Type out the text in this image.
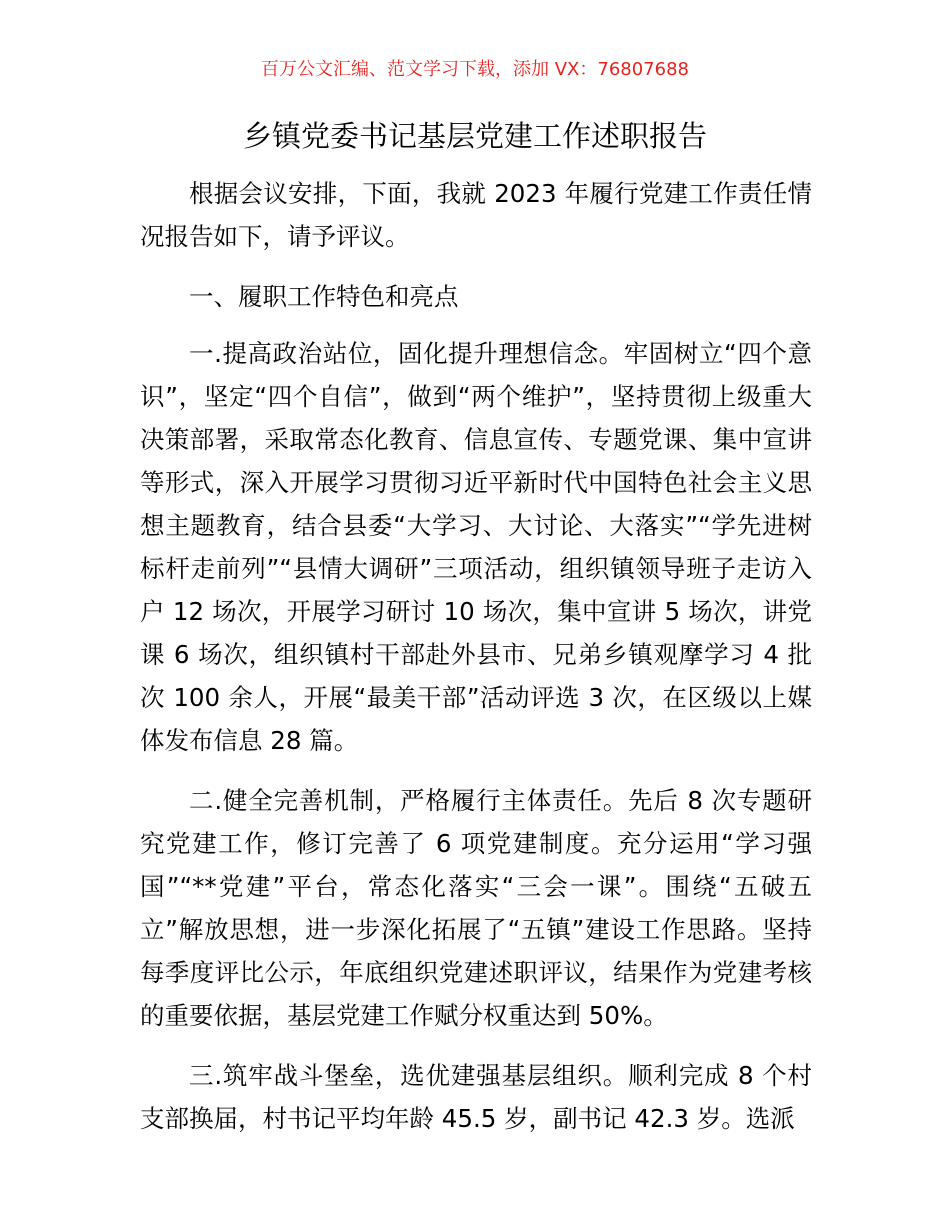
百万公文汇编、范文学习下载，添加 VX：76807688
乡镇党委书记基层党建工作述职报告

根据会议安排，下面，我就 2023 年履行党建工作责任情况报告如下，请予评议。

一、履职工作特色和亮点

一.提高政治站位，固化提升理想信念。牢固树立“四个意识”，坚定“四个自信”，做到“两个维护”，坚持贯彻上级重大决策部署，采取常态化教育、信息宣传、专题党课、集中宣讲等形式，深入开展学习贯彻习近平新时代中国特色社会主义思想主题教育，结合县委“大学习、大讨论、大落实”“学先进树标杆走前列”“县情大调研”三项活动，组织镇领导班子走访入户 12 场次，开展学习研讨 10 场次，集中宣讲 5 场次，讲党课 6 场次，组织镇村干部赴外县市、兄弟乡镇观摩学习 4 批次 100 余人，开展“最美干部”活动评选 3 次，在区级以上媒体发布信息 28 篇。

二.健全完善机制，严格履行主体责任。先后 8 次专题研究党建工作，修订完善了 6 项党建制度。充分运用“学习强国”“**党建”平台，常态化落实“三会一课”。围绕“五破五立”解放思想，进一步深化拓展了“五镇”建设工作思路。坚持每季度评比公示，年底组织党建述职评议，结果作为党建考核的重要依据，基层党建工作赋分权重达到 50%。

三.筑牢战斗堡垒，选优建强基层组织。顺利完成 8 个村支部换届，村书记平均年龄 45.5 岁，副书记 42.3 岁。选派
